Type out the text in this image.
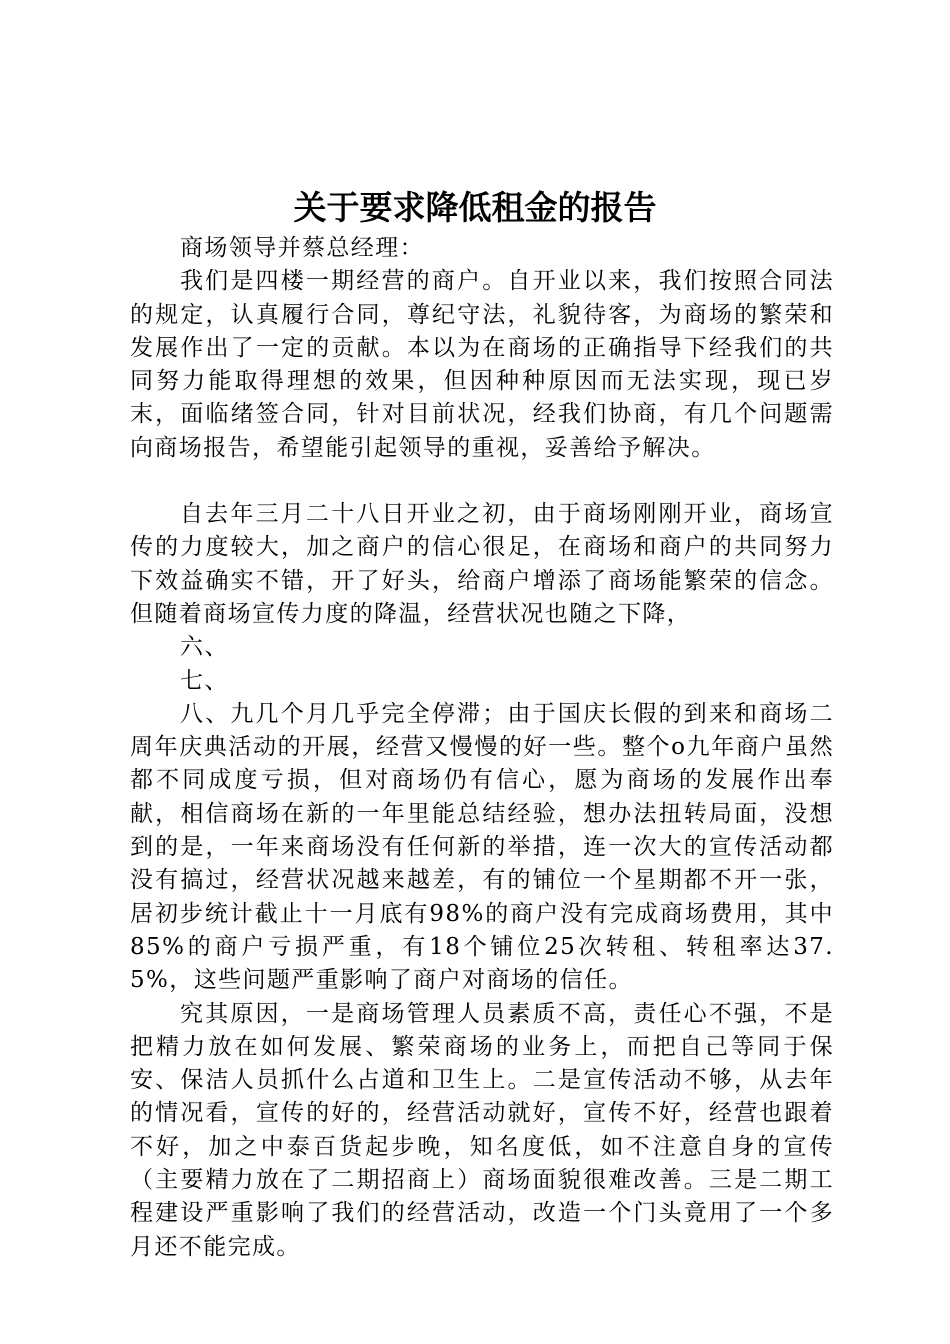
关于要求降低租金的报告

商场领导并蔡总经理：

我们是四楼一期经营的商户。自开业以来，我们按照合同法的规定，认真履行合同，尊纪守法，礼貌待客，为商场的繁荣和发展作出了一定的贡献。本以为在商场的正确指导下经我们的共同努力能取得理想的效果，但因种种原因而无法实现，现已岁末，面临绪签合同，针对目前状况，经我们协商，有几个问题需向商场报告，希望能引起领导的重视，妥善给予解决。

自去年三月二十八日开业之初，由于商场刚刚开业，商场宣传的力度较大，加之商户的信心很足，在商场和商户的共同努力下效益确实不错，开了好头，给商户增添了商场能繁荣的信念。但随着商场宣传力度的降温，经营状况也随之下降，

六、

七、

八、九几个月几乎完全停滞；由于国庆长假的到来和商场二周年庆典活动的开展，经营又慢慢的好一些。整个o九年商户虽然都不同成度亏损，但对商场仍有信心，愿为商场的发展作出奉献，相信商场在新的一年里能总结经验，想办法扭转局面，没想到的是，一年来商场没有任何新的举措，连一次大的宣传活动都没有搞过，经营状况越来越差，有的铺位一个星期都不开一张，居初步统计截止十一月底有98%的商户没有完成商场费用，其中85%的商户亏损严重，有18个铺位25次转租、转租率达37.5%，这些问题严重影响了商户对商场的信任。

究其原因，一是商场管理人员素质不高，责任心不强，不是把精力放在如何发展、繁荣商场的业务上，而把自己等同于保安、保洁人员抓什么占道和卫生上。二是宣传活动不够，从去年的情况看，宣传的好的，经营活动就好，宣传不好，经营也跟着不好，加之中泰百货起步晚，知名度低，如不注意自身的宣传（主要精力放在了二期招商上）商场面貌很难改善。三是二期工程建设严重影响了我们的经营活动，改造一个门头竟用了一个多月还不能完成。
